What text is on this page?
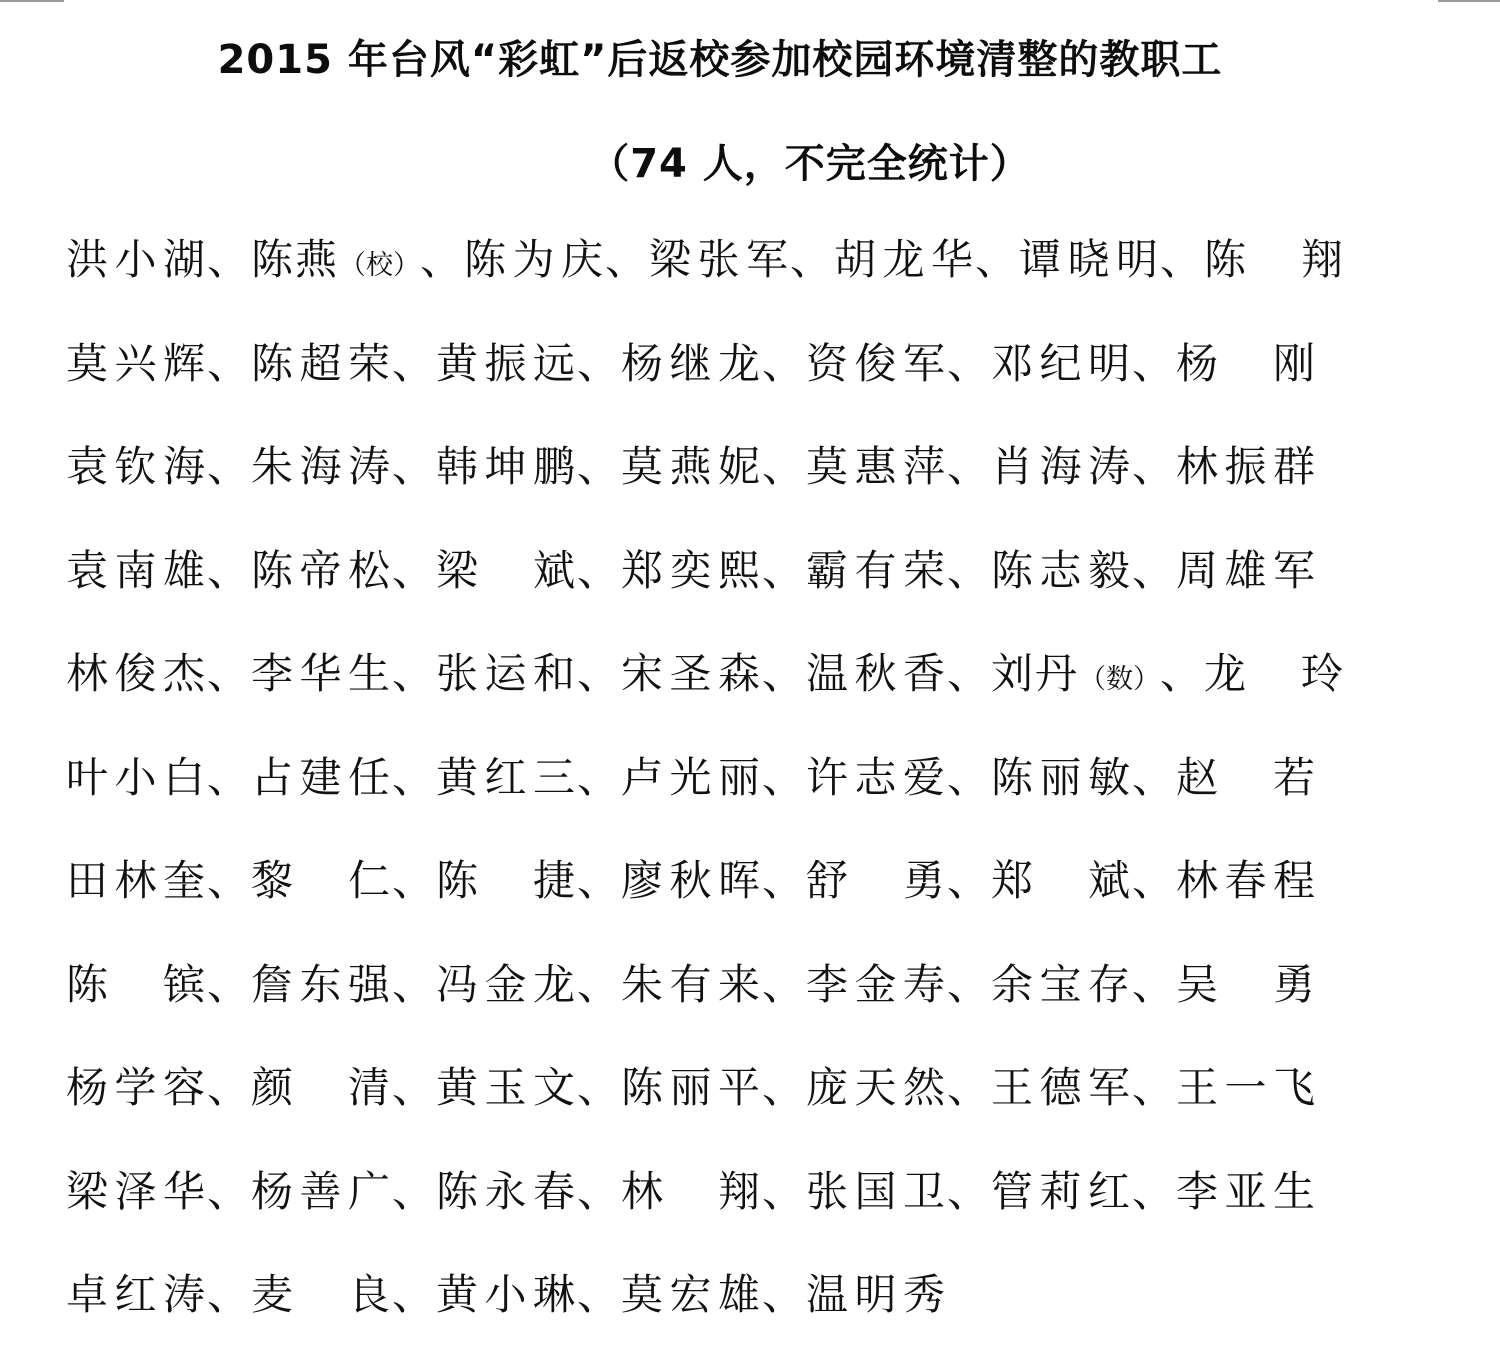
2015 年台风“彩虹”后返校参加校园环境清整的教职工
（74 人，不完全统计）
洪小湖 、 陈燕 （校） 、 陈为庆 、 梁张军 、 胡龙华 、 谭晓明 、 陈 翔
莫兴辉 、 陈超荣 、 黄振远 、 杨继龙 、 资俊军 、 邓纪明 、 杨 刚
袁钦海 、 朱海涛 、 韩坤鹏 、 莫燕妮 、 莫惠萍 、 肖海涛 、 林振群
袁南雄 、 陈帝松 、 梁 斌 、 郑奕熙 、 霸有荣 、 陈志毅 、 周雄军
林俊杰 、 李华生 、 张运和 、 宋圣森 、 温秋香 、 刘丹 （数） 、 龙 玲
叶小白 、 占建任 、 黄红三 、 卢光丽 、 许志爱 、 陈丽敏 、 赵 若
田林奎 、 黎 仁 、 陈 捷 、 廖秋晖 、 舒 勇 、 郑 斌 、 林春程
陈 镔 、 詹东强 、 冯金龙 、 朱有来 、 李金寿 、 余宝存 、 吴 勇
杨学容 、 颜 清 、 黄玉文 、 陈丽平 、 庞天然 、 王德军 、 王一飞
梁泽华 、 杨善广 、 陈永春 、 林 翔 、 张国卫 、 管莉红 、 李亚生
卓红涛 、 麦 良 、 黄小琳 、 莫宏雄 、 温明秀
